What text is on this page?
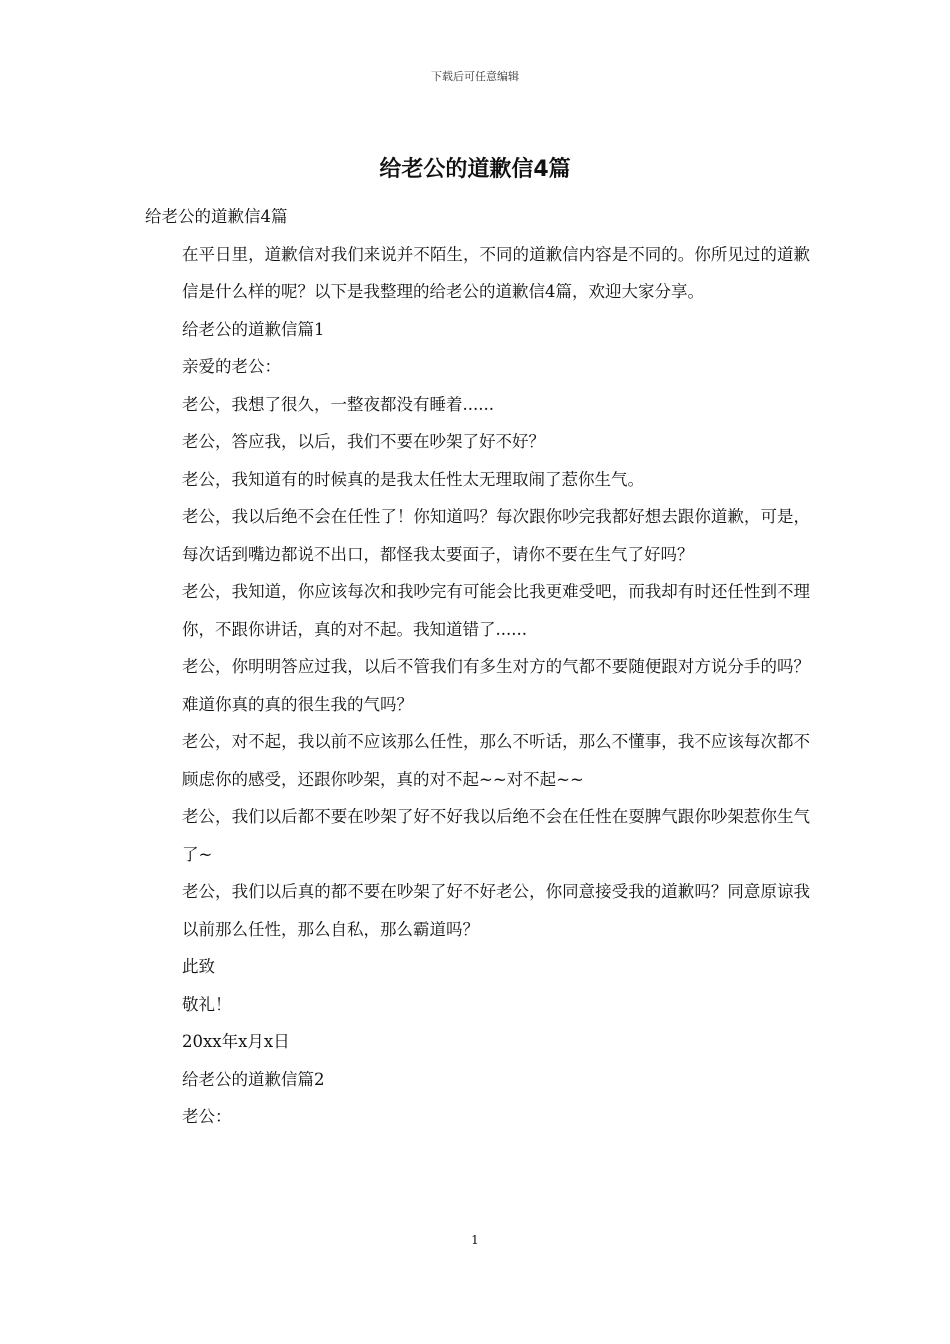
下载后可任意编辑
给老公的道歉信4篇

给老公的道歉信4篇

在平日里，道歉信对我们来说并不陌生，不同的道歉信内容是不同的。你所见过的道歉信是什么样的呢？以下是我整理的给老公的道歉信4篇，欢迎大家分享。

给老公的道歉信篇1

亲爱的老公：

老公，我想了很久，一整夜都没有睡着......

老公，答应我，以后，我们不要在吵架了好不好？

老公，我知道有的时候真的是我太任性太无理取闹了惹你生气。

老公，我以后绝不会在任性了！你知道吗？每次跟你吵完我都好想去跟你道歉，可是，每次话到嘴边都说不出口，都怪我太要面子，请你不要在生气了好吗？

老公，我知道，你应该每次和我吵完有可能会比我更难受吧，而我却有时还任性到不理你，不跟你讲话，真的对不起。我知道错了......

老公，你明明答应过我，以后不管我们有多生对方的气都不要随便跟对方说分手的吗？难道你真的真的很生我的气吗？

老公，对不起，我以前不应该那么任性，那么不听话，那么不懂事，我不应该每次都不顾虑你的感受，还跟你吵架，真的对不起~~对不起~~

老公，我们以后都不要在吵架了好不好我以后绝不会在任性在耍脾气跟你吵架惹你生气了~

老公，我们以后真的都不要在吵架了好不好老公，你同意接受我的道歉吗？同意原谅我以前那么任性，那么自私，那么霸道吗？

此致

敬礼！

20xx年x月x日

给老公的道歉信篇2

老公：

1
